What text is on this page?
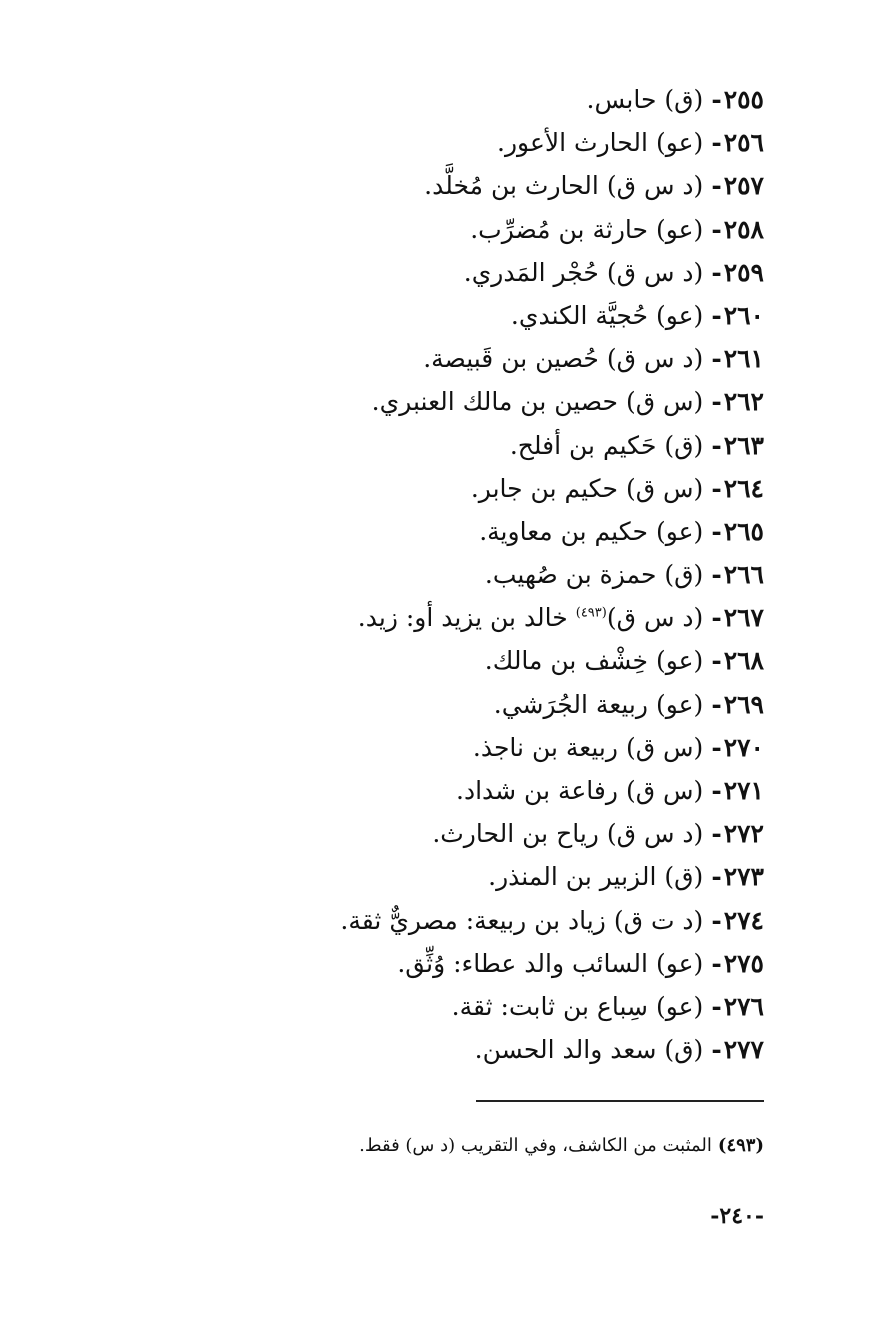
٢٥٥-(ق)حابس.
٢٥٦-(عو)الحارث الأعور.
٢٥٧-(د س ق)الحارث بن مُخلَّد.
٢٥٨-(عو)حارثة بن مُضرِّب.
٢٥٩-(د س ق)حُجْر المَدري.
٢٦٠-(عو)حُجيَّة الكندي.
٢٦١-(د س ق)حُصين بن قَبيصة.
٢٦٢-(س ق)حصين بن مالك العنبري.
٢٦٣-(ق)حَكيم بن أفلح.
٢٦٤-(س ق)حكيم بن جابر.
٢٦٥-(عو)حكيم بن معاوية.
٢٦٦-(ق)حمزة بن صُهيب.
٢٦٧-(د س ق)$^{(٤٩٣)}$خالد بن يزيد أو: زيد.
٢٦٨-(عو)خِشْف بن مالك.
٢٦٩-(عو)ربيعة الجُرَشي.
٢٧٠-(س ق)ربيعة بن ناجذ.
٢٧١-(س ق)رفاعة بن شداد.
٢٧٢-(د س ق)رياح بن الحارث.
٢٧٣-(ق)الزبير بن المنذر.
٢٧٤-(د ت ق)زياد بن ربيعة: مصريٌّ ثقة.
٢٧٥-(عو)السائب والد عطاء: وُثِّق.
٢٧٦-(عو)سِباع بن ثابت: ثقة.
٢٧٧-(ق)سعد والد الحسن.
(٤٩٣)المثبت من الكاشف، وفي التقريب (د س) فقط.
-٢٤٠-
